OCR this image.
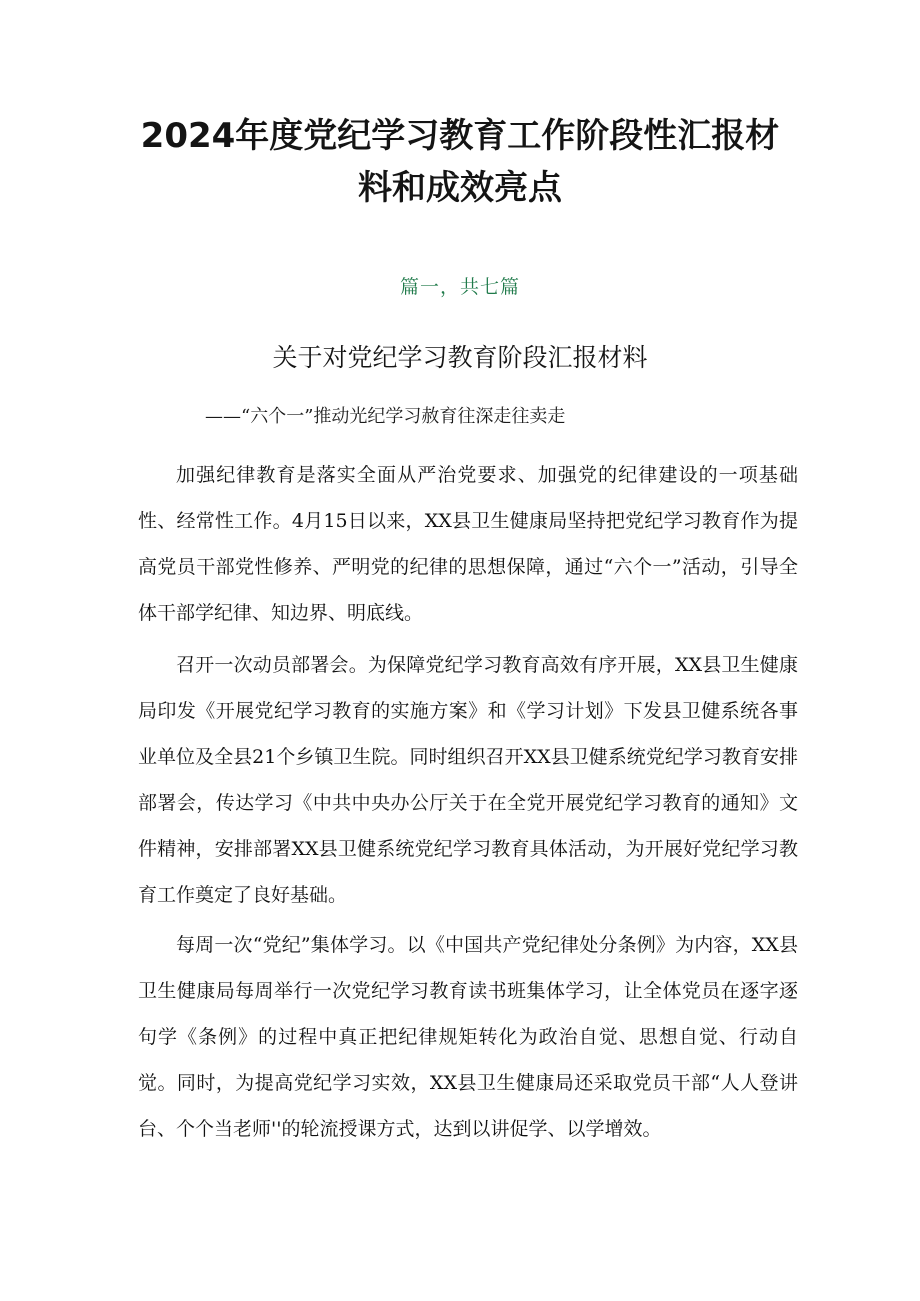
2024年度党纪学习教育工作阶段性汇报材料和成效亮点
篇一，共七篇
关于对党纪学习教育阶段汇报材料
——“六个一”推动光纪学习赦育往深走往卖走

加强纪律教育是落实全面从严治党要求、加强党的纪律建设的一项基础性、经常性工作。4月15日以来，XX县卫生健康局坚持把党纪学习教育作为提高党员干部党性修养、严明党的纪律的思想保障，通过“六个一”活动，引导全体干部学纪律、知边界、明底线。

召开一次动员部署会。为保障党纪学习教育高效有序开展，XX县卫生健康局印发《开展党纪学习教育的实施方案》和《学习计划》下发县卫健系统各事业单位及全县21个乡镇卫生院。同时组织召开XX县卫健系统党纪学习教育安排部署会，传达学习《中共中央办公厅关于在全党开展党纪学习教育的通知》文件精神，安排部署XX县卫健系统党纪学习教育具体活动，为开展好党纪学习教育工作奠定了良好基础。

每周一次“党纪”集体学习。以《中国共产党纪律处分条例》为内容，XX县卫生健康局每周举行一次党纪学习教育读书班集体学习，让全体党员在逐字逐句学《条例》的过程中真正把纪律规矩转化为政治自觉、思想自觉、行动自觉。同时，为提高党纪学习实效，XX县卫生健康局还采取党员干部“人人登讲台、个个当老师''的轮流授课方式，达到以讲促学、以学增效。
